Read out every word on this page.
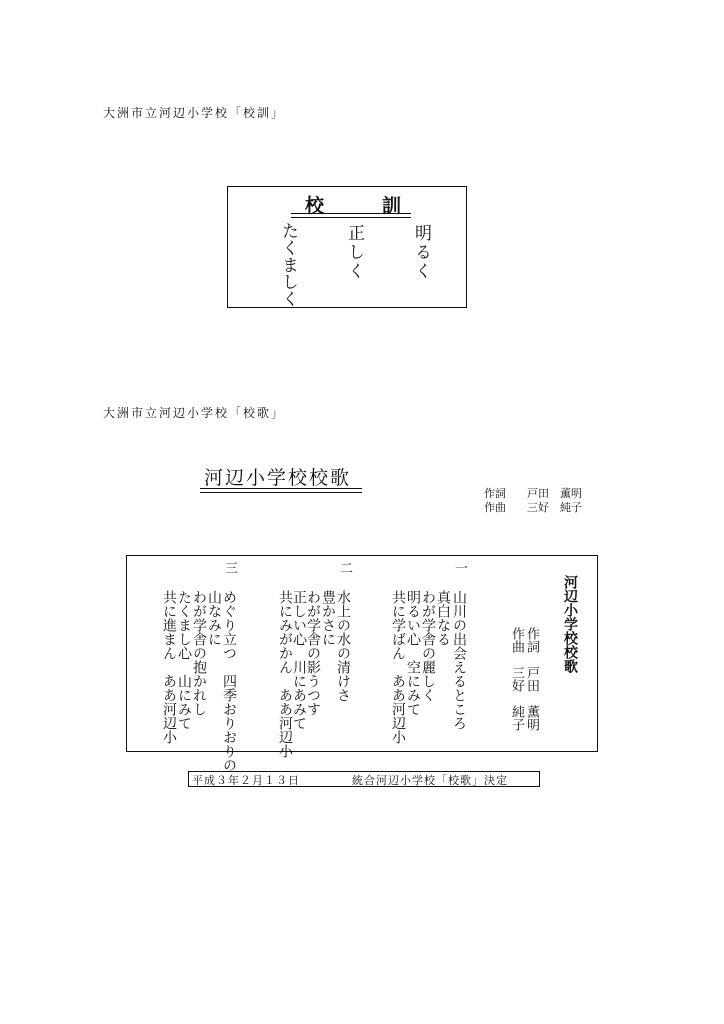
大洲市立河辺小学校「校訓」
校	訓
明るく
正しく
たくましく
大洲市立河辺小学校「校歌」
河辺小学校校歌
作詞 戸田　薫明
作曲 三好　純子
河辺小学校校歌
作詞　戸田　薫明
作曲　三好　純子
一
山川の出会えるところ
真白なる
わが学舎の麗しく
明るい心　空にみて
共に学ばん　ああ河辺小
二
水上の水の清けさ
豊かさに
わが学舎の影うつす
正しい心　川にあみて
共にみがかん　ああ河辺小
三
めぐり立つ　四季おりおりの
山なみに
わが学舎の抱かれし
たくまし心　山にみて
共に進まん　ああ河辺小
平成３年２月１３日	統合河辺小学校「校歌」決定
